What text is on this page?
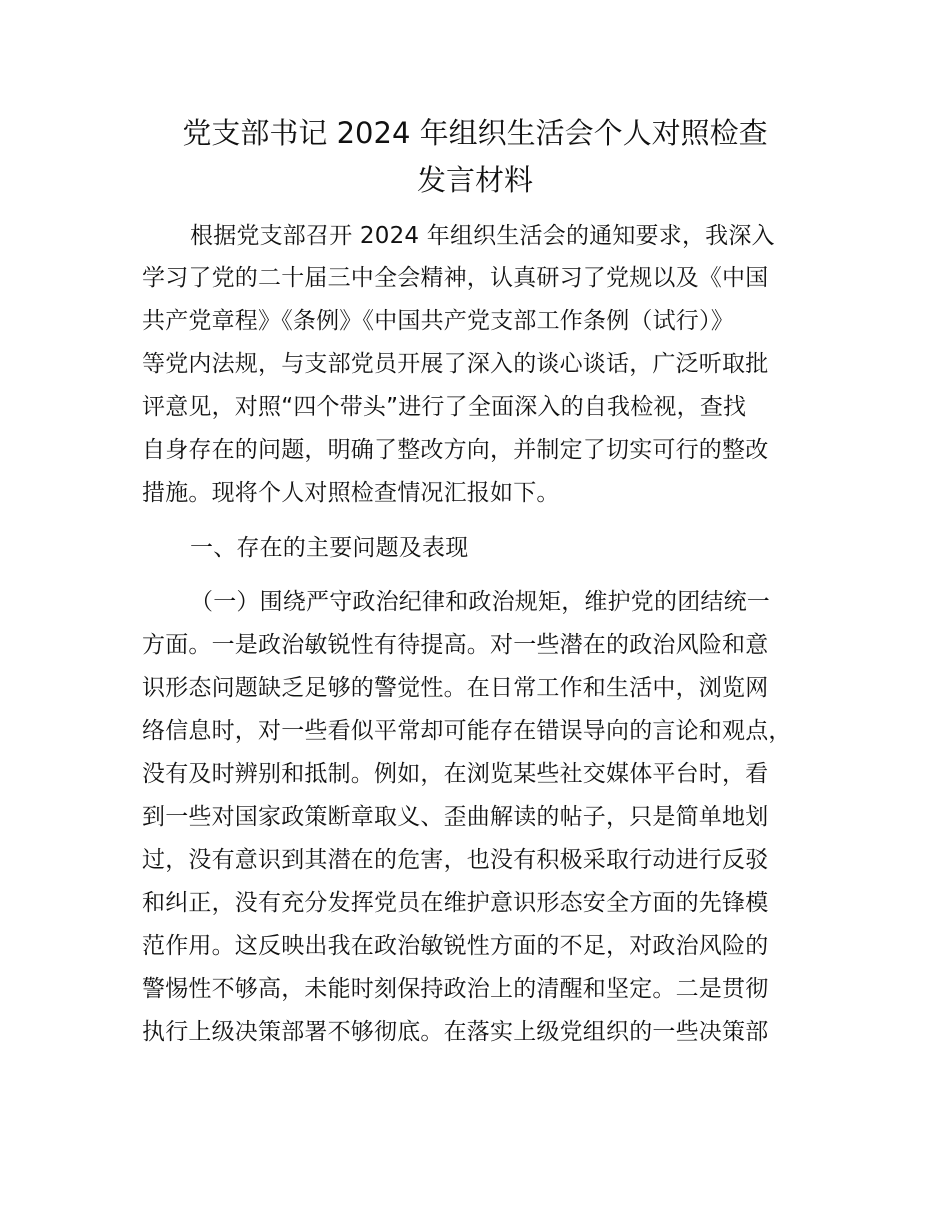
党支部书记 2024 年组织生活会个人对照检查
发言材料
根据党支部召开 2024 年组织生活会的通知要求，我深入
学习了党的二十届三中全会精神，认真研习了党规以及《中国
共产党章程》《条例》《中国共产党支部工作条例（试行）》
等党内法规，与支部党员开展了深入的谈心谈话，广泛听取批
评意见，对照“四个带头”进行了全面深入的自我检视，查找
自身存在的问题，明确了整改方向，并制定了切实可行的整改
措施。现将个人对照检查情况汇报如下。
一、存在的主要问题及表现
（一）围绕严守政治纪律和政治规矩，维护党的团结统一
方面。一是政治敏锐性有待提高。对一些潜在的政治风险和意
识形态问题缺乏足够的警觉性。在日常工作和生活中，浏览网
络信息时，对一些看似平常却可能存在错误导向的言论和观点，
没有及时辨别和抵制。例如，在浏览某些社交媒体平台时，看
到一些对国家政策断章取义、歪曲解读的帖子，只是简单地划
过，没有意识到其潜在的危害，也没有积极采取行动进行反驳
和纠正，没有充分发挥党员在维护意识形态安全方面的先锋模
范作用。这反映出我在政治敏锐性方面的不足，对政治风险的
警惕性不够高，未能时刻保持政治上的清醒和坚定。二是贯彻
执行上级决策部署不够彻底。在落实上级党组织的一些决策部
